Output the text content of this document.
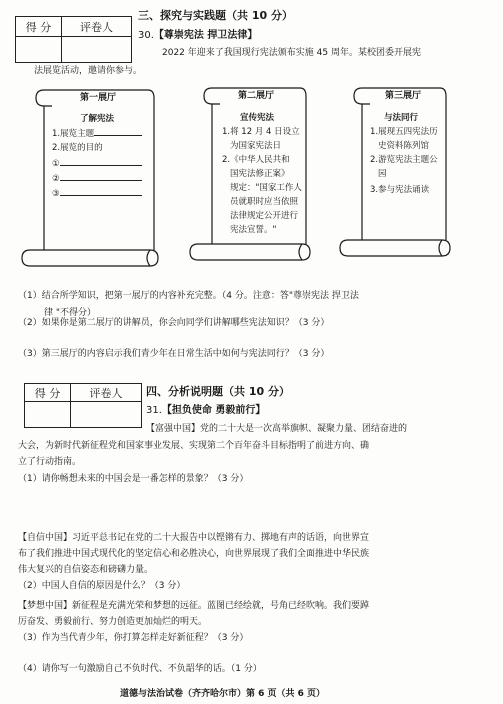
得 分	评卷人

三、探究与实践题（共 10 分）
30.【尊崇宪法 捍卫法律】
2022 年迎来了我国现行宪法颁布实施 45 周年。某校团委开展宪
法展览活动，邀请你参与。
第一展厅
了解宪法
1.展览主题
2.展览的目的
①
②
③
第二展厅
宣传宪法
1.将 12 月 4 日设立
为国家宪法日
2.《中华人民共和
国宪法修正案》
规定："国家工作人
员就职时应当依照
法律规定公开进行
宪法宣誓。"
第三展厅
与法同行
1.展现五四宪法历
史资料陈列馆
2.游览宪法主题公
园
3.参与宪法诵读
（1）结合所学知识，把第一展厅的内容补充完整。（4 分。注意：答"尊崇宪法 捍卫法
律 "不得分）
（2）如果你是第二展厅的讲解员，你会向同学们讲解哪些宪法知识？（3 分）
（3）第三展厅的内容启示我们青少年在日常生活中如何与宪法同行？（3 分）
得 分	评卷人
	四、分析说明题（共 10 分）
31.【担负使命 勇毅前行】
【富强中国】党的二十大是一次高举旗帜、凝聚力量、团结奋进的
大会，为新时代新征程党和国家事业发展、实现第二个百年奋斗目标指明了前进方向、确
立了行动指南。
（1）请你畅想未来的中国会是一番怎样的景象？（3 分）
【自信中国】习近平总书记在党的二十大报告中以铿锵有力、掷地有声的话语，向世界宣
布了我们推进中国式现代化的坚定信心和必胜决心，向世界展现了我们全面推进中华民族
伟大复兴的自信姿态和磅礴力量。
（2）中国人自信的原因是什么？（3 分）
【梦想中国】新征程是充满光荣和梦想的远征。蓝图已经绘就，号角已经吹响。我们要踔
厉奋发、勇毅前行、努力创造更加灿烂的明天。
（3）作为当代青少年，你打算怎样走好新征程？（3 分）
（4）请你写一句激励自己不负时代、不负韶华的话。（1 分）
道德与法治试卷（齐齐哈尔市）第 6 页（共 6 页）
